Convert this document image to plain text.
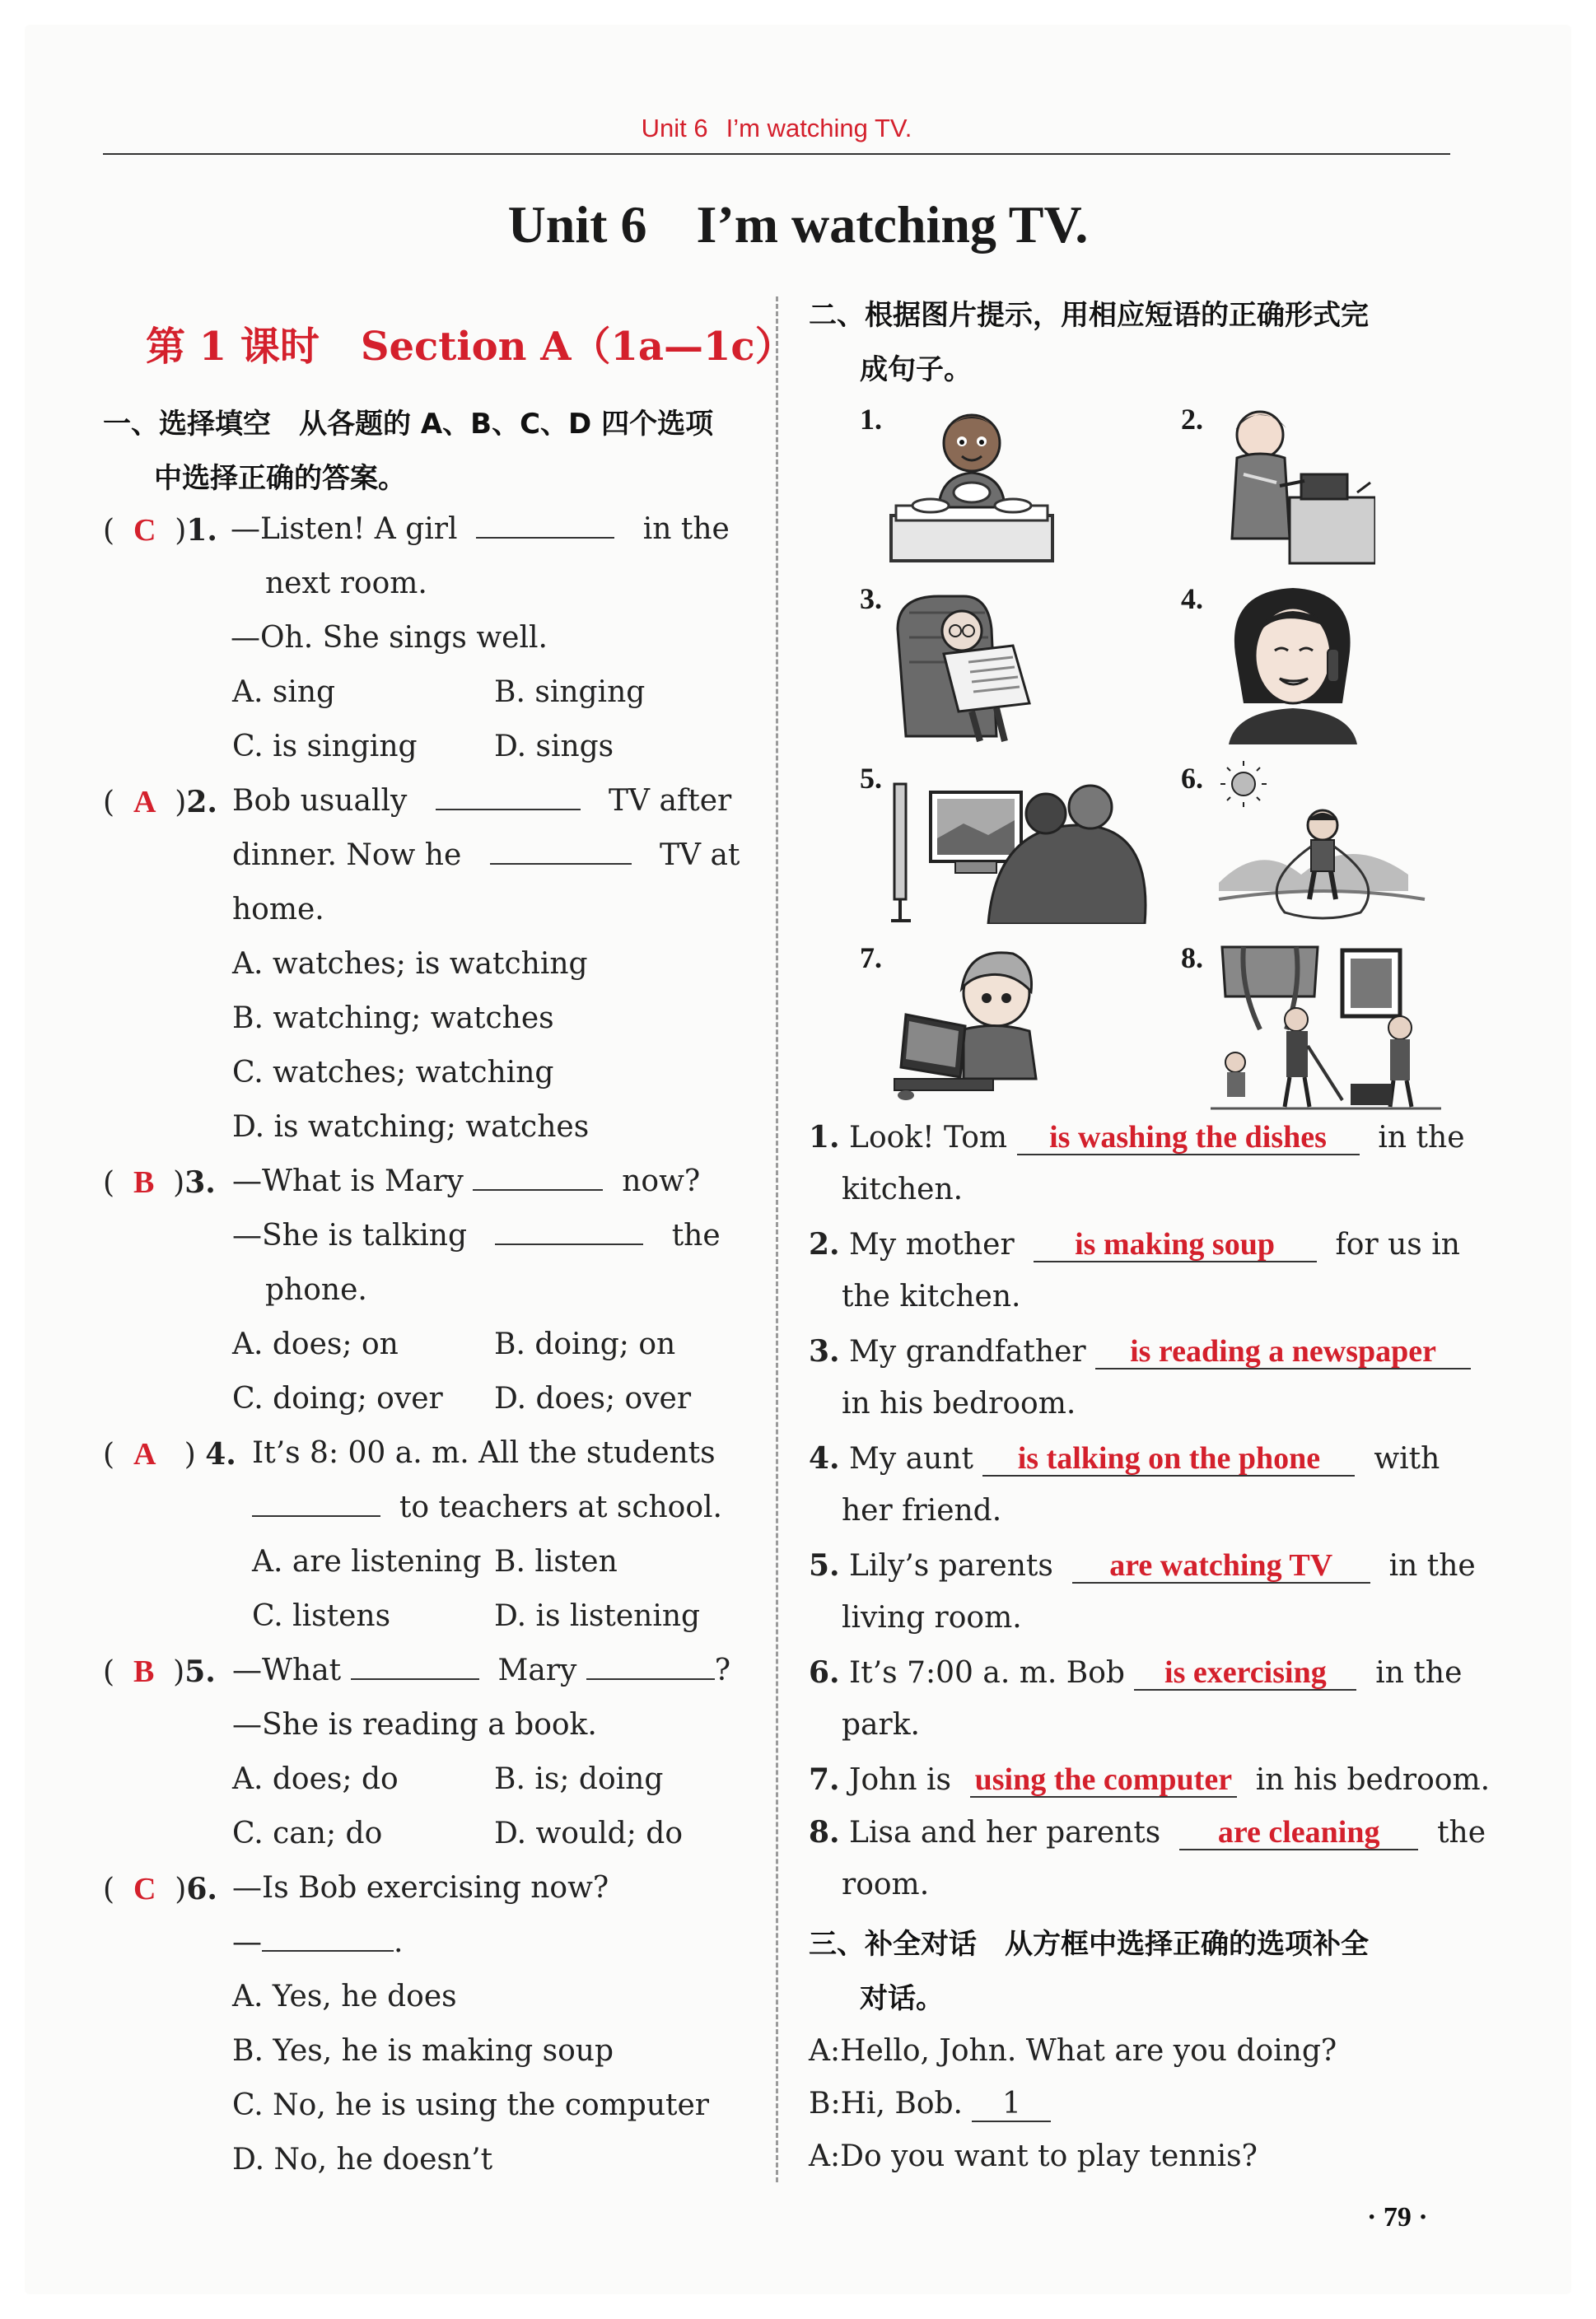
Unit 6 I’m watching TV.
Unit 6 I’m watching TV.
第 1 课时 Section A（1a—1c）
一、选择填空　从各题的 A、B、C、D 四个选项
中选择正确的答案。
(  C  )1. —Listen! A girl	in the
next room.
—Oh. She sings well.
A. sing	B. singing
C. is singing	D. sings
(  A  )2. Bob usually	TV after
dinner. Now he	TV at
home.
A. watches; is watching
B. watching; watches
C. watches; watching
D. is watching; watches
(  B  )3. —What is Mary	now?
—She is talking	the
phone.
A. does; on	B. doing; on
C. doing; over D. does; over
(  A   ) 4. It’s 8: 00 a. m. All the students
to teachers at school.
A. are listening B. listen
C. listens	D. is listening
(  B  )5. —What	Mary	?
—She is reading a book.
A. does; do	B. is; doing
C. can; do	D. would; do
(  C  )6. —Is Bob exercising now?
—	.
A. Yes, he does
B. Yes, he is making soup
C. No, he is using the computer
D. No, he doesn’t
二、根据图片提示，用相应短语的正确形式完
成句子。
1.	2.
3.	4.
5.	6.
7.	8.
1. Look! Tom is washing the dishes in the
kitchen.
2. My mother is making soup for us in
the kitchen.
3. My grandfather is reading a newspaper
in his bedroom.
4. My aunt is talking on the phone with
her friend.
5. Lily’s parents are watching TV in the
living room.
6. It’s 7:00 a. m. Bob is exercising in the
park.
7. John is using the computer in his bedroom.
8. Lisa and her parents are cleaning the
room.
三、补全对话　从方框中选择正确的选项补全
对话。
A:Hello, John. What are you doing?
B:Hi, Bob. 1
A:Do you want to play tennis?
· 79 ·
